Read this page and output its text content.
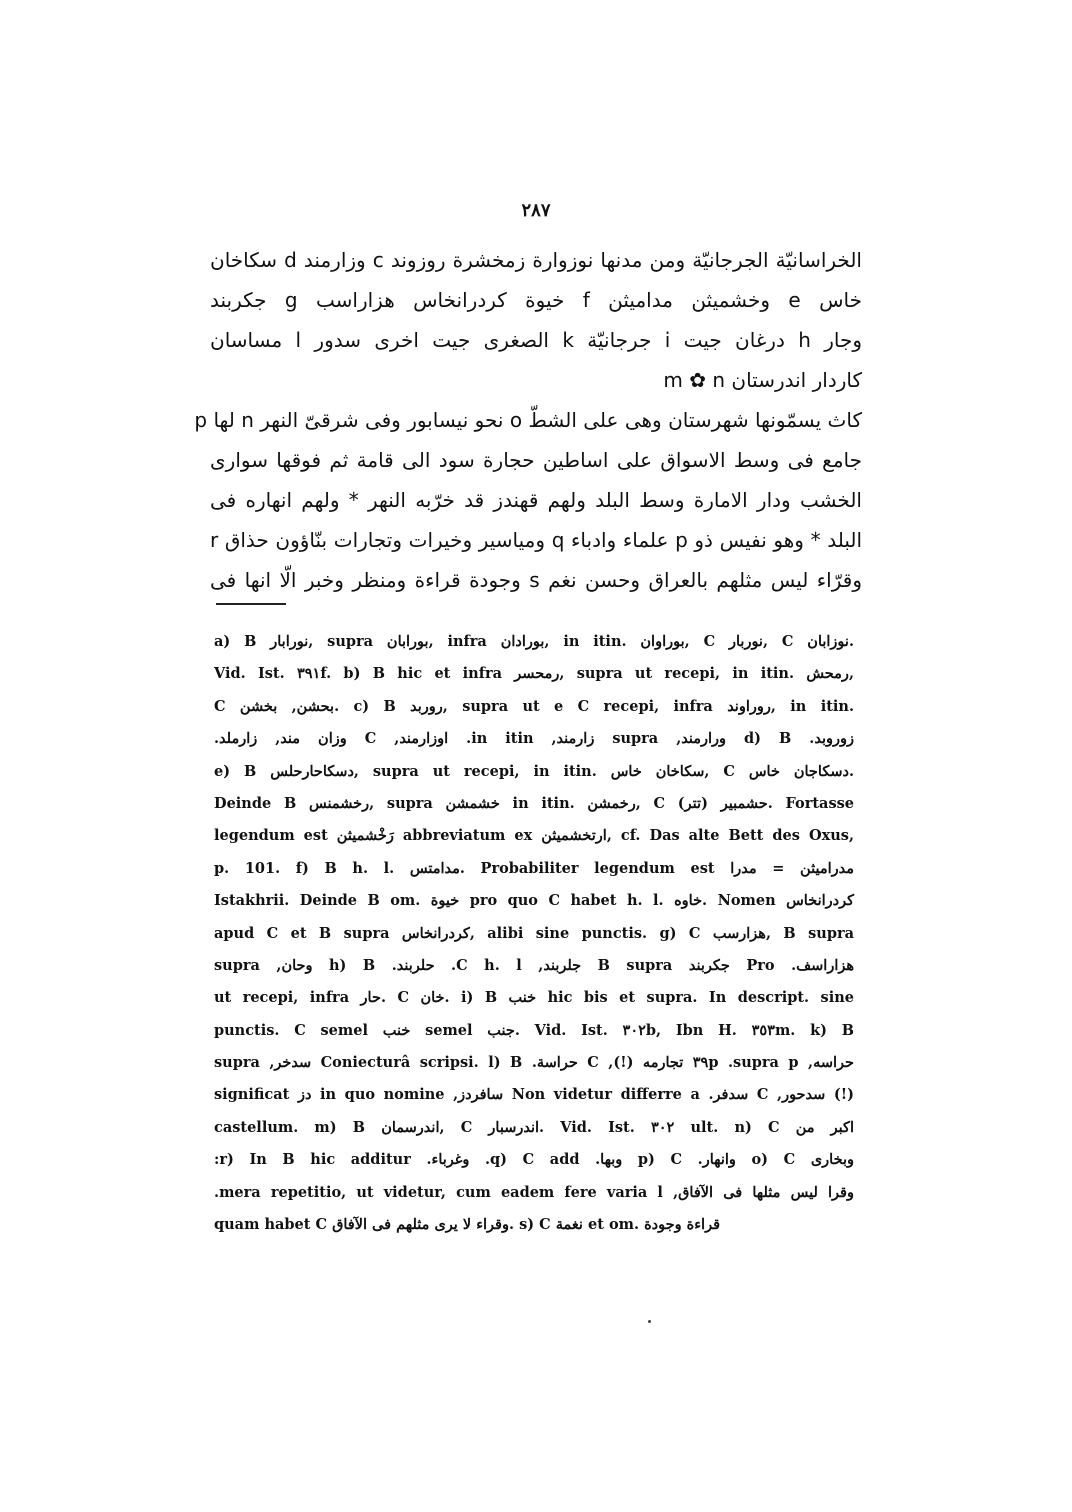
٢٨٧
الخراسانيّة الجرجانيّة ومن مدنها نوزوارة زمخشرة روزوند c وزارمند d سكاخان
خاس e وخشميثن مداميثن f خيوة كردرانخاس هزاراسب g جكربند
وجار h درغان جيت i جرجانيّة k الصغرى جيت اخرى سدور l مساسان
كاردار اندرستان m ✿ n
كاث يسمّونها شهرستان وهى على الشطّ o نحو نيسابور وفى شرقىّ النهر n لها p
جامع فى وسط الاسواق على اساطين حجارة سود الى قامة ثم فوقها سوارى
الخشب ودار الامارة وسط البلد ولهم قهندز قد خرّبه النهر * ولهم انهاره فى
البلد * وهو نفيس ذو p علماء وادباء q ومياسير وخيرات وتجارات بنّاؤون حذاق r
وقرّاء ليس مثلهم بالعراق وحسن نغم s وجودة قراءة ومنظر وخبر الّا انها فى
a) B نورابار, supra بورابان, infra بورادان, in itin. بوراوان, C نوربار, C نوزابان.
Vid. Ist. ٣٩١f. b) B hic et infra رمحسر, supra ut recepi, in itin. رمحش,
C بحشن, بخشن. c) B روربد, supra ut e C recepi, infra روراوند, in itin.
زوروبد. d) B ورارمند, supra زارمند, in itin. اوزارمند, C وزان مند, زارملد.
e) B دسكاحارحلس, supra ut recepi, in itin. سكاخان خاس, C دسكاجان خاس.
Deinde B رخشمنس, supra خشمشن in itin. رخمشن, C (تتر) حشمبير. Fortasse
legendum est رَخْشميثن abbreviatum ex ارتخشميثن, cf. Das alte Bett des Oxus,
p. 101. f) B h. l. مدامتس. Probabiliter legendum est مدرامیثن = مدرا
Istakhrii. Deinde B om. خيوة pro quo C habet h. l. خاوه. Nomen كردرانخاس
apud C et B supra كردرانخاس, alibi sine punctis. g) C هزارسب, B supra
هزاراسف. Pro جكربند B supra جلربند, C h. l. حلربند. h) B وحان, supra
ut recepi, infra حار. C خان. i) B خنب hic bis et supra. In descript. sine
punctis. C semel خنب semel جنب. Vid. Ist. ٣٠٢b, Ibn H. ٣٥٣m. k) B
حراسه, supra p. ٣٩p تجارمه (!), C حراسة. Coniecturâ scripsi. l) B سدخر, supra
(!) سدحور, C سدفر. Non videtur differre a سافردز, in quo nomine دز significat
castellum. m) B اندرسمان, C اندرسبار. Vid. Ist. ٣٠٢ ult. n) C اكبر من
وبخارى o) C وانهار. p) C وبها. q) C add. وغرباء. r) In B hic additur:
وقرا ليس مثلها فى الآفاق, mera repetitio, ut videtur, cum eadem fere varia l.
quam habet C وقراء لا يرى مثلهم فى الآفاق. s) C نغمة et om. قراءة وجودة
